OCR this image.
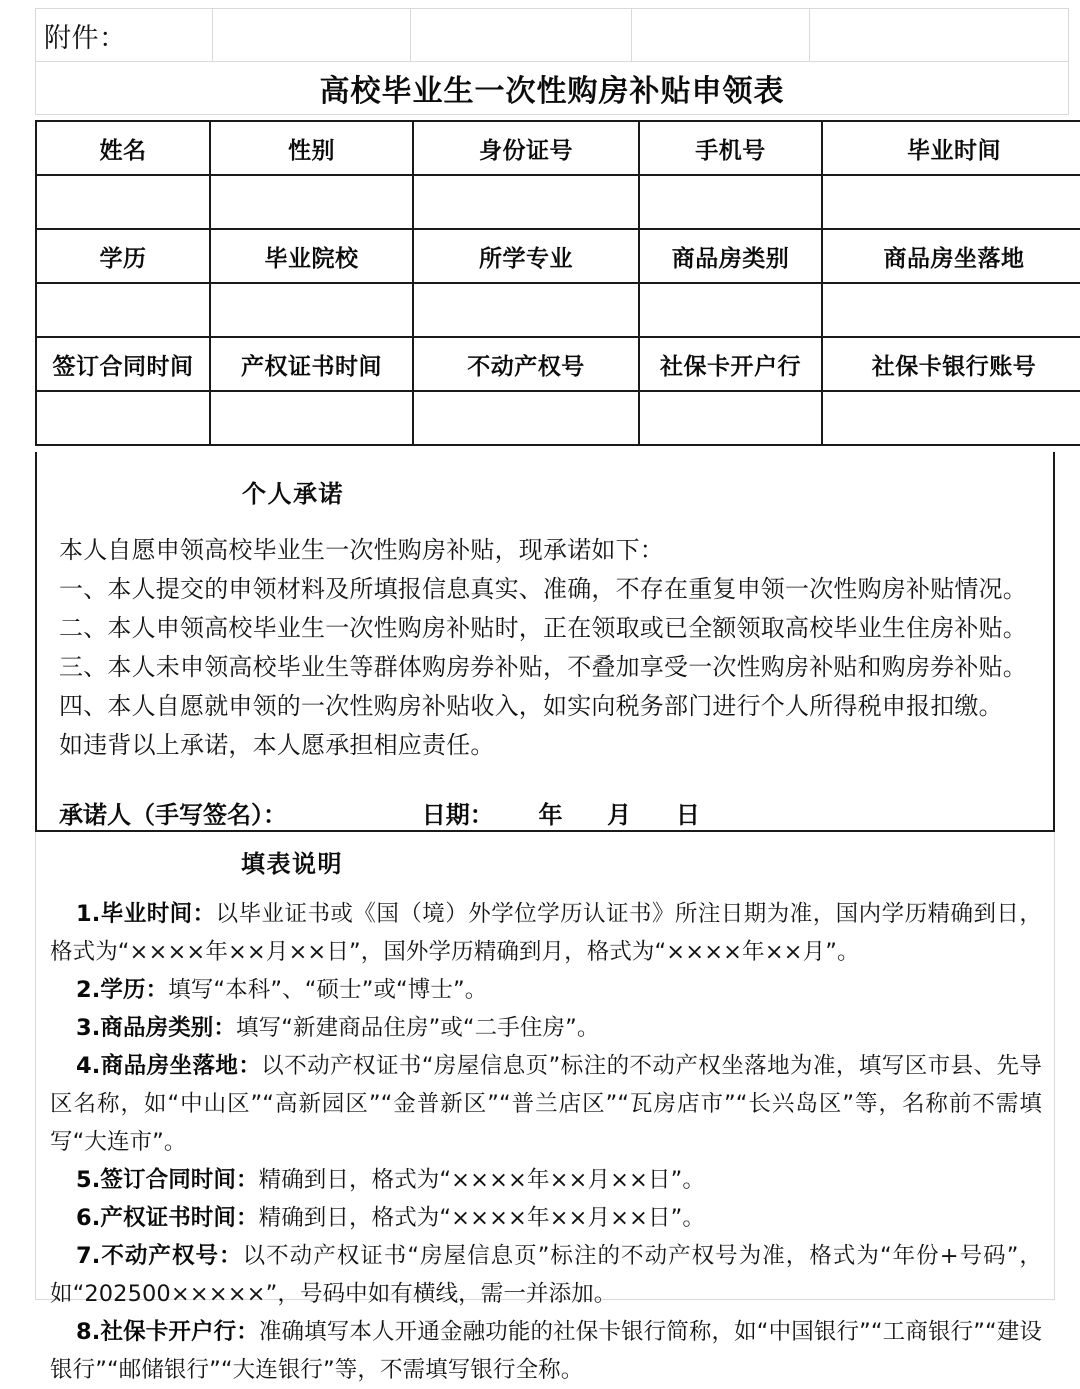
附件：				
高校毕业生一次性购房补贴申领表
姓名	性别	身份证号	手机号	毕业时间

学历	毕业院校	所学专业	商品房类别	商品房坐落地

签订合同时间	产权证书时间	不动产权号	社保卡开户行	社保卡银行账号

个人承诺
本人自愿申领高校毕业生一次性购房补贴，现承诺如下：
一、本人提交的申领材料及所填报信息真实、准确，不存在重复申领一次性购房补贴情况。
二、本人申领高校毕业生一次性购房补贴时，正在领取或已全额领取高校毕业生住房补贴。
三、本人未申领高校毕业生等群体购房券补贴，不叠加享受一次性购房补贴和购房券补贴。
四、本人自愿就申领的一次性购房补贴收入，如实向税务部门进行个人所得税申报扣缴。
如违背以上承诺，本人愿承担相应责任。
承诺人（手写签名）：	日期： 年 月 日
填表说明
1.毕业时间：以毕业证书或《国（境）外学位学历认证书》所注日期为准，国内学历精确到日，格式为“××××年××月××日”，国外学历精确到月，格式为“××××年××月”。
2.学历：填写“本科”、“硕士”或“博士”。
3.商品房类别：填写“新建商品住房”或“二手住房”。
4.商品房坐落地：以不动产权证书“房屋信息页”标注的不动产权坐落地为准，填写区市县、先导区名称，如“中山区”“高新园区”“金普新区”“普兰店区”“瓦房店市”“长兴岛区”等，名称前不需填写“大连市”。
5.签订合同时间：精确到日，格式为“××××年××月××日”。
6.产权证书时间：精确到日，格式为“××××年××月××日”。
7.不动产权号：以不动产权证书“房屋信息页”标注的不动产权号为准，格式为“年份+号码”，如“202500×××××”，号码中如有横线，需一并添加。
8.社保卡开户行：准确填写本人开通金融功能的社保卡银行简称，如“中国银行”“工商银行”“建设银行”“邮储银行”“大连银行”等，不需填写银行全称。
